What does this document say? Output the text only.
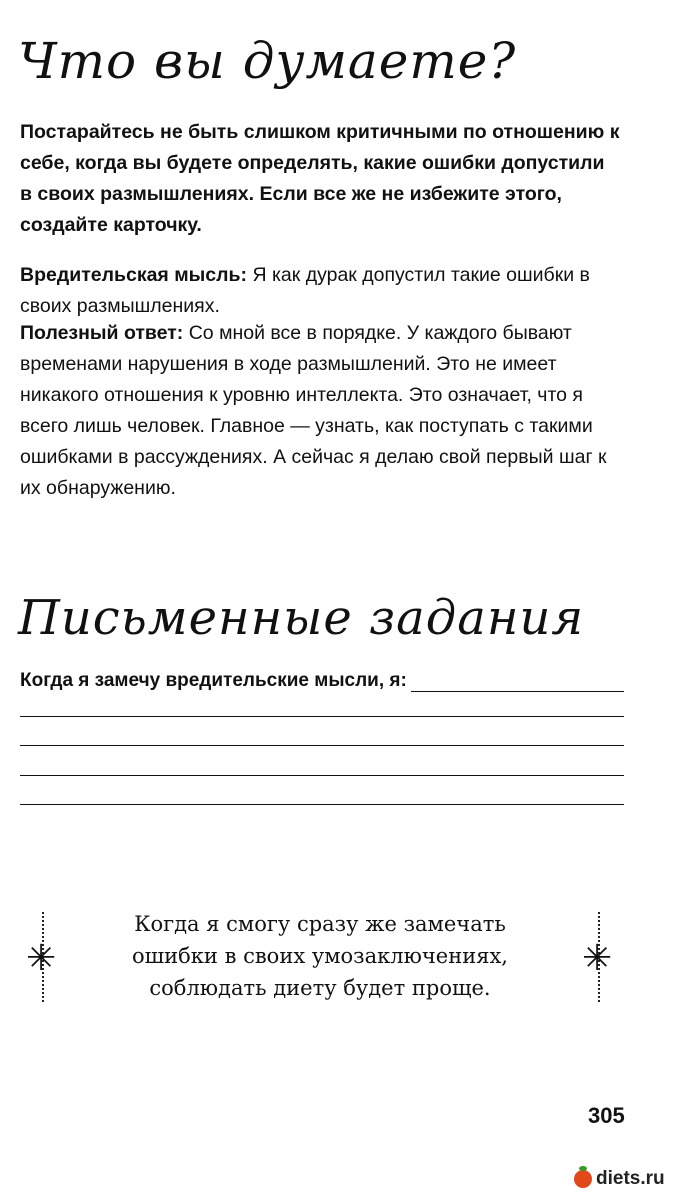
Что вы думаете?
Постарайтесь не быть слишком критичными по отношению к себе, когда вы будете определять, какие ошибки допустили в своих размышлениях. Если все же не избежите этого, создайте карточку.
Вредительская мысль: Я как дурак допустил такие ошибки в своих размышлениях.
Полезный ответ: Со мной все в порядке. У каждого бывают временами нарушения в ходе размышлений. Это не имеет никакого отношения к уровню интеллекта. Это означает, что я всего лишь человек. Главное — узнать, как поступать с такими ошибками в рассуждениях. А сейчас я делаю свой первый шаг к их обнаружению.
Письменные задания
Когда я замечу вредительские мысли, я:
✳	✳
Когда я смогу сразу же замечать ошибки в своих умозаключениях, соблюдать диету будет проще.
305
diets.ru
